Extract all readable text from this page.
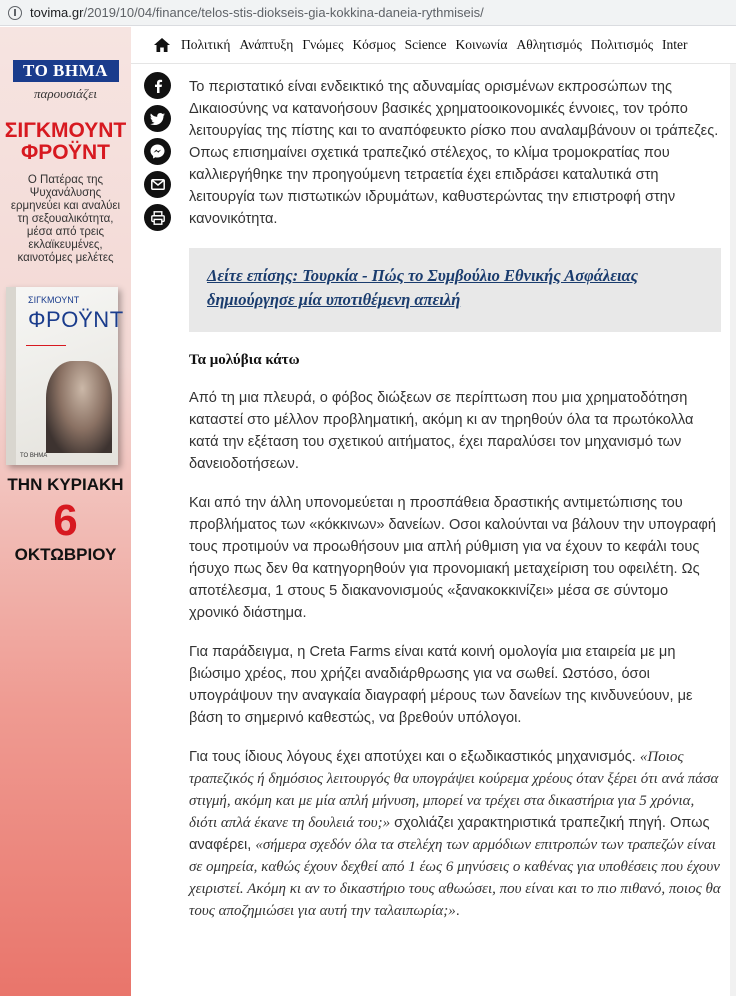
tovima.gr /2019/10/04/finance/telos-stis-diokseis-gia-kokkina-daneia-rythmiseis/
ΤΟ ΒΗΜΑ
παρουσιάζει
ΣΙΓΚΜΟΥΝΤ
ΦΡΟΫΝΤ
Ο Πατέρας της Ψυχανάλυσης ερμηνεύει και αναλύει τη σεξουαλικότητα, μέσα από τρεις εκλαϊκευμένες, καινοτόμες μελέτες
ΣΙΓΚΜΟΥΝΤ
ΦΡΟΫΝΤ
ΤΟ ΒΗΜΑ
ΤΗΝ ΚΥΡΙΑΚΗ
6
ΟΚΤΩΒΡΙΟΥ
Πολιτική Ανάπτυξη Γνώμες Κόσμος Science Κοινωνία Αθλητισμός Πολιτισμός Inter

Το περιστατικό είναι ενδεικτικό της αδυναμίας ορισμένων εκπροσώπων της Δικαιοσύνης να κατανοήσουν βασικές χρηματοοικονομικές έννοιες, τον τρόπο λειτουργίας της πίστης και το αναπόφευκτο ρίσκο που αναλαμβάνουν οι τράπεζες. Οπως επισημαίνει σχετικά τραπεζικό στέλεχος, το κλίμα τρομοκρατίας που καλλιεργήθηκε την προηγούμενη τετραετία έχει επιδράσει καταλυτικά στη λειτουργία των πιστωτικών ιδρυμάτων, καθυστερώντας την επιστροφή στην κανονικότητα.

Δείτε επίσης: Τουρκία - Πώς το Συμβούλιο Εθνικής Ασφάλειας δημιούργησε μία υποτιθέμενη απειλή
Τα μολύβια κάτω

Από τη μια πλευρά, ο φόβος διώξεων σε περίπτωση που μια χρηματοδότηση καταστεί στο μέλλον προβληματική, ακόμη κι αν τηρηθούν όλα τα πρωτόκολλα κατά την εξέταση του σχετικού αιτήματος, έχει παραλύσει τον μηχανισμό των δανειοδοτήσεων.

Και από την άλλη υπονομεύεται η προσπάθεια δραστικής αντιμετώπισης του προβλήματος των «κόκκινων» δανείων. Οσοι καλούνται να βάλουν την υπογραφή τους προτιμούν να προωθήσουν μια απλή ρύθμιση για να έχουν το κεφάλι τους ήσυχο πως δεν θα κατηγορηθούν για προνομιακή μεταχείριση του οφειλέτη. Ως αποτέλεσμα, 1 στους 5 διακανονισμούς «ξανακοκκινίζει» μέσα σε σύντομο χρονικό διάστημα.

Για παράδειγμα, η Creta Farms είναι κατά κοινή ομολογία μια εταιρεία με μη βιώσιμο χρέος, που χρήζει αναδιάρθρωσης για να σωθεί. Ωστόσο, όσοι υπογράψουν την αναγκαία διαγραφή μέρους των δανείων της κινδυνεύουν, με βάση το σημερινό καθεστώς, να βρεθούν υπόλογοι.

Για τους ίδιους λόγους έχει αποτύχει και ο εξωδικαστικός μηχανισμός. «Ποιος τραπεζικός ή δημόσιος λειτουργός θα υπογράψει κούρεμα χρέους όταν ξέρει ότι ανά πάσα στιγμή, ακόμη και με μία απλή μήνυση, μπορεί να τρέχει στα δικαστήρια για 5 χρόνια, διότι απλά έκανε τη δουλειά του;» σχολιάζει χαρακτηριστικά τραπεζική πηγή. Οπως αναφέρει, «σήμερα σχεδόν όλα τα στελέχη των αρμόδιων επιτροπών των τραπεζών είναι σε ομηρεία, καθώς έχουν δεχθεί από 1 έως 6 μηνύσεις ο καθένας για υποθέσεις που έχουν χειριστεί. Ακόμη κι αν το δικαστήριο τους αθωώσει, που είναι και το πιο πιθανό, ποιος θα τους αποζημιώσει για αυτή την ταλαιπωρία;».
